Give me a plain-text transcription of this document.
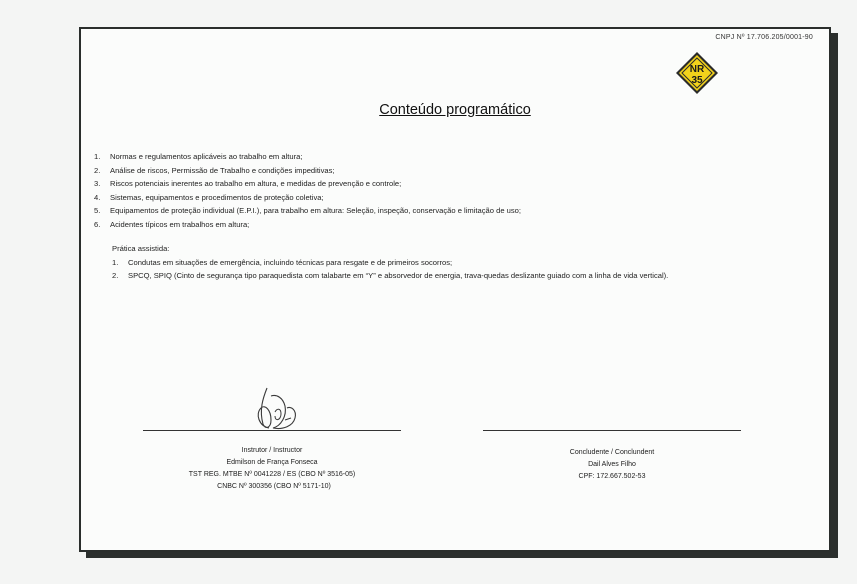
CNPJ Nº 17.706.205/0001-90
NR
35
Conteúdo programático
1.	Normas e regulamentos aplicáveis ao trabalho em altura;
2.	Análise de riscos, Permissão de Trabalho e condições impeditivas;
3.	Riscos potenciais inerentes ao trabalho em altura, e medidas de prevenção e controle;
4.	Sistemas, equipamentos e procedimentos de proteção coletiva;
5.	Equipamentos de proteção individual (E.P.I.), para trabalho em altura: Seleção, inspeção, conservação e limitação de uso;
6.	Acidentes típicos em trabalhos em altura;
Prática assistida:
1.	Condutas em situações de emergência, incluindo técnicas para resgate e de primeiros socorros;
2.	SPCQ, SPIQ (Cinto de segurança tipo paraquedista com talabarte em “Y” e absorvedor de energia, trava-quedas deslizante guiado com a linha de vida vertical).
Instrutor / Instructor
Edmilson de França Fonseca
TST REG. MTBE Nº 0041228 / ES (CBO Nº 3516-05)
CNBC Nº 300356 (CBO Nº 5171-10)
Concludente / Conclundent
Dail Alves Filho
CPF: 172.667.502-53
